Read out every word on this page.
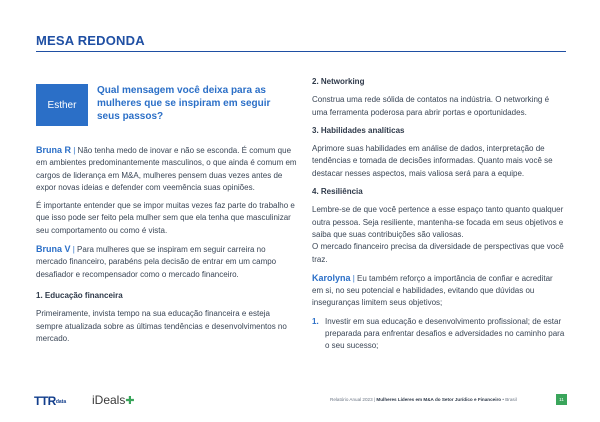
MESA REDONDA
Esther
Qual mensagem você deixa para as mulheres que se inspiram em seguir seus passos?

Bruna R | Não tenha medo de inovar e não se esconda. É comum que em ambientes predominantemente masculinos, o que ainda é comum em cargos de liderança em M&A, mulheres pensem duas vezes antes de expor novas ideias e defender com veemência suas opiniões.

É importante entender que se impor muitas vezes faz parte do trabalho e que isso pode ser feito pela mulher sem que ela tenha que masculinizar seu comportamento ou como é vista.

Bruna V | Para mulheres que se inspiram em seguir carreira no mercado financeiro, parabéns pela decisão de entrar em um campo desafiador e recompensador como o mercado financeiro.

1. Educação financeira

Primeiramente, invista tempo na sua educação financeira e esteja sempre atualizada sobre as últimas tendências e desenvolvimentos no mercado.

2. Networking

Construa uma rede sólida de contatos na indústria. O networking é uma ferramenta poderosa para abrir portas e oportunidades.

3. Habilidades analíticas

Aprimore suas habilidades em análise de dados, interpretação de tendências e tomada de decisões informadas. Quanto mais você se destacar nesses aspectos, mais valiosa será para a equipe.

4. Resiliência

Lembre-se de que você pertence a esse espaço tanto quanto qualquer outra pessoa. Seja resiliente, mantenha-se focada em seus objetivos e saiba que suas contribuições são valiosas.

O mercado financeiro precisa da diversidade de perspectivas que você traz.

Karolyna | Eu também reforço a importância de confiar e acreditar em si, no seu potencial e habilidades, evitando que dúvidas ou inseguranças limitem seus objetivos;

1. Investir em sua educação e desenvolvimento profissional; de estar preparada para enfrentar desafios e adversidades no caminho para o seu sucesso;
TTRdata iDeals✚	Relatório Anual 2023 | Mulheres Líderes em M&A do Setor Jurídico e Financeiro • Brasil	11
